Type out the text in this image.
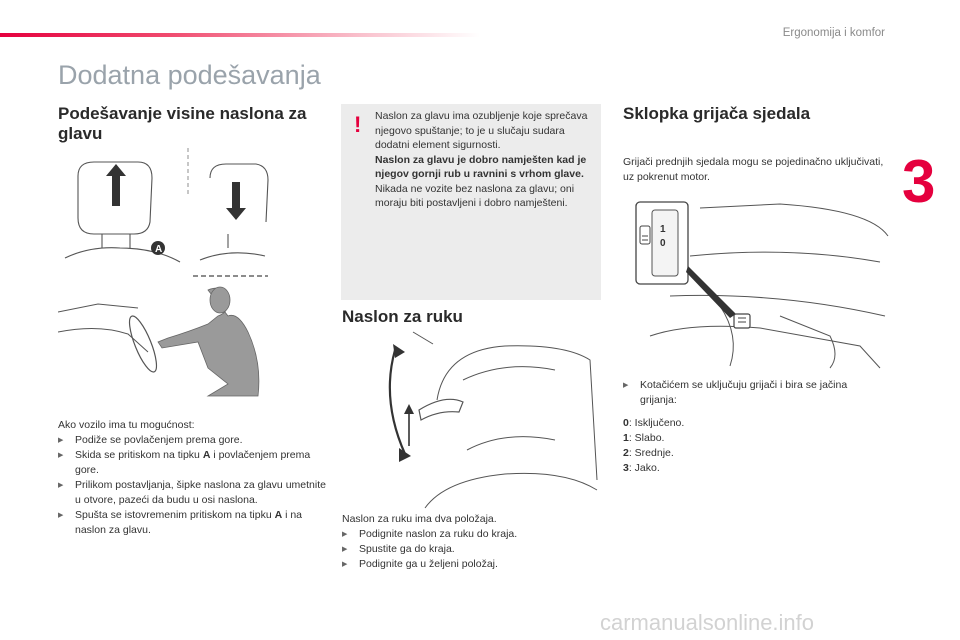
Ergonomija i komfor
3
Dodatna podešavanja
Podešavanje visine naslona za glavu
A

Ako vozilo ima tu mogućnost:

▶ Podiže se povlačenjem prema gore.

▶ Skida se pritiskom na tipku A i povlačenjem prema gore.

▶ Prilikom postavljanja, šipke naslona za glavu umetnite u otvore, pazeći da budu u osi naslona.

▶ Spušta se istovremenim pritiskom na tipku A i na naslon za glavu.

! Naslon za glavu ima ozubljenje koje sprečava njegovo spuštanje; to je u slučaju sudara dodatni element sigurnosti.

Naslon za glavu je dobro namješten kad je njegov gornji rub u ravnini s vrhom glave.

Nikada ne vozite bez naslona za glavu; oni moraju biti postavljeni i dobro namješteni.

Naslon za ruku

Naslon za ruku ima dva položaja.

▶ Podignite naslon za ruku do kraja.

▶ Spustite ga do kraja.

▶ Podignite ga u željeni položaj.

Sklopka grijača sjedala
Grijači prednjih sjedala mogu se pojedinačno uključivati, uz pokrenut motor.
1
0

▶ Kotačićem se uključuju grijači i bira se jačina grijanja:

0: Isključeno.

1: Slabo.

2: Srednje.

3: Jako.

carmanualsonline.info
